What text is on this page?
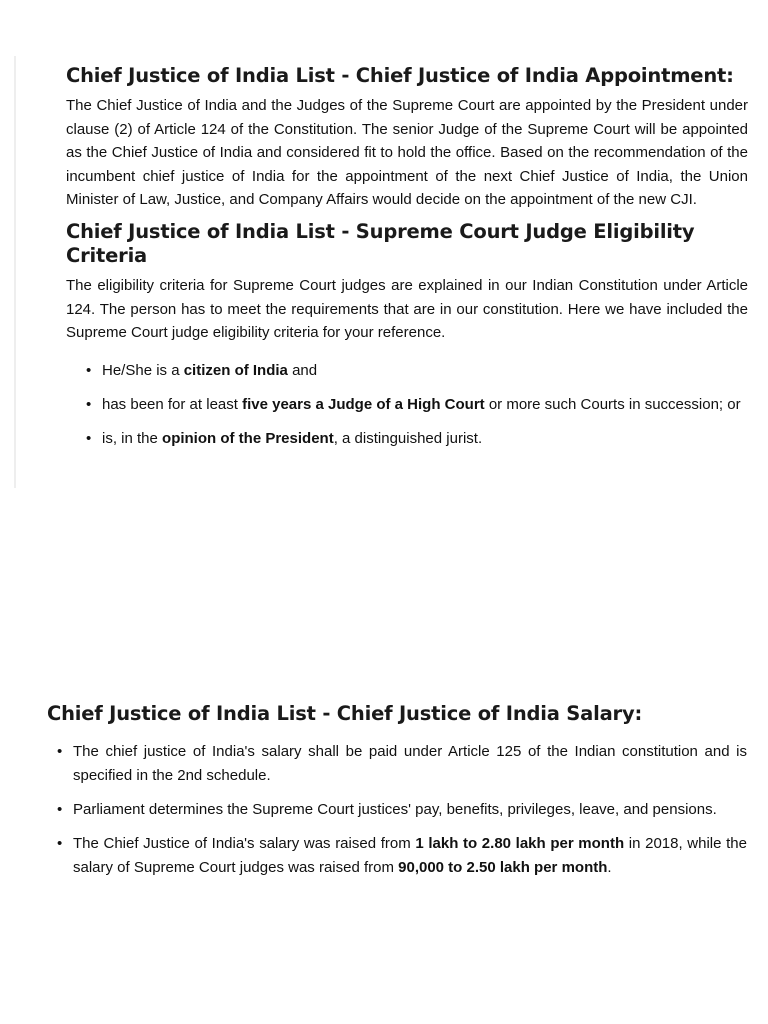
Chief Justice of India List - Chief Justice of India Appointment:

The Chief Justice of India and the Judges of the Supreme Court are appointed by the President under clause (2) of Article 124 of the Constitution. The senior Judge of the Supreme Court will be appointed as the Chief Justice of India and considered fit to hold the office. Based on the recommendation of the incumbent chief justice of India for the appointment of the next Chief Justice of India, the Union Minister of Law, Justice, and Company Affairs would decide on the appointment of the new CJI.

Chief Justice of India List - Supreme Court Judge Eligibility Criteria

The eligibility criteria for Supreme Court judges are explained in our Indian Constitution under Article 124. The person has to meet the requirements that are in our constitution. Here we have included the Supreme Court judge eligibility criteria for your reference.

• He/She is a citizen of India and
• has been for at least five years a Judge of a High Court or more such Courts in succession; or
• is, in the opinion of the President, a distinguished jurist.
Chief Justice of India List - Chief Justice of India Salary:
• The chief justice of India's salary shall be paid under Article 125 of the Indian constitution and is specified in the 2nd schedule.
• Parliament determines the Supreme Court justices' pay, benefits, privileges, leave, and pensions.
• The Chief Justice of India's salary was raised from 1 lakh to 2.80 lakh per month in 2018, while the salary of Supreme Court judges was raised from 90,000 to 2.50 lakh per month.
